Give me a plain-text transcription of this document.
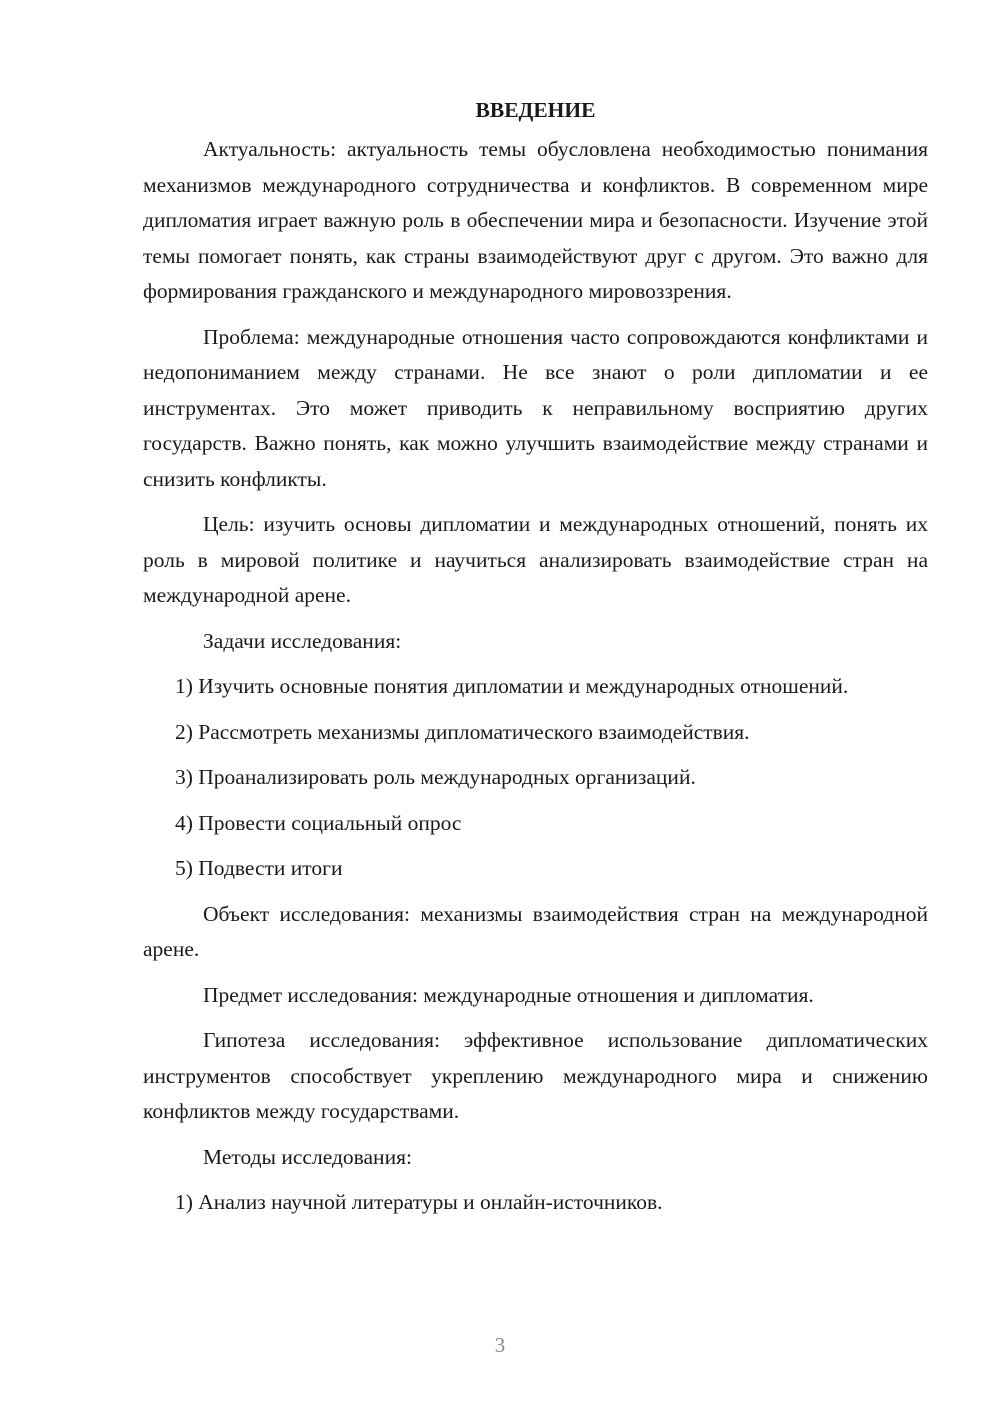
ВВЕДЕНИЕ

Актуальность: актуальность темы обусловлена необходимостью понимания механизмов международного сотрудничества и конфликтов. В современном мире дипломатия играет важную роль в обеспечении мира и безопасности. Изучение этой темы помогает понять, как страны взаимодействуют друг с другом. Это важно для формирования гражданского и международного мировоззрения.

Проблема: международные отношения часто сопровождаются конфликтами и недопониманием между странами. Не все знают о роли дипломатии и ее инструментах. Это может приводить к неправильному восприятию других государств. Важно понять, как можно улучшить взаимодействие между странами и снизить конфликты.

Цель: изучить основы дипломатии и международных отношений, понять их роль в мировой политике и научиться анализировать взаимодействие стран на международной арене.

Задачи исследования:

1) Изучить основные понятия дипломатии и международных отношений.

2) Рассмотреть механизмы дипломатического взаимодействия.

3) Проанализировать роль международных организаций.

4) Провести социальный опрос

5) Подвести итоги

Объект исследования: механизмы взаимодействия стран на международной арене.

Предмет исследования: международные отношения и дипломатия.

Гипотеза исследования: эффективное использование дипломатических инструментов способствует укреплению международного мира и снижению конфликтов между государствами.

Методы исследования:

1) Анализ научной литературы и онлайн-источников.

3
